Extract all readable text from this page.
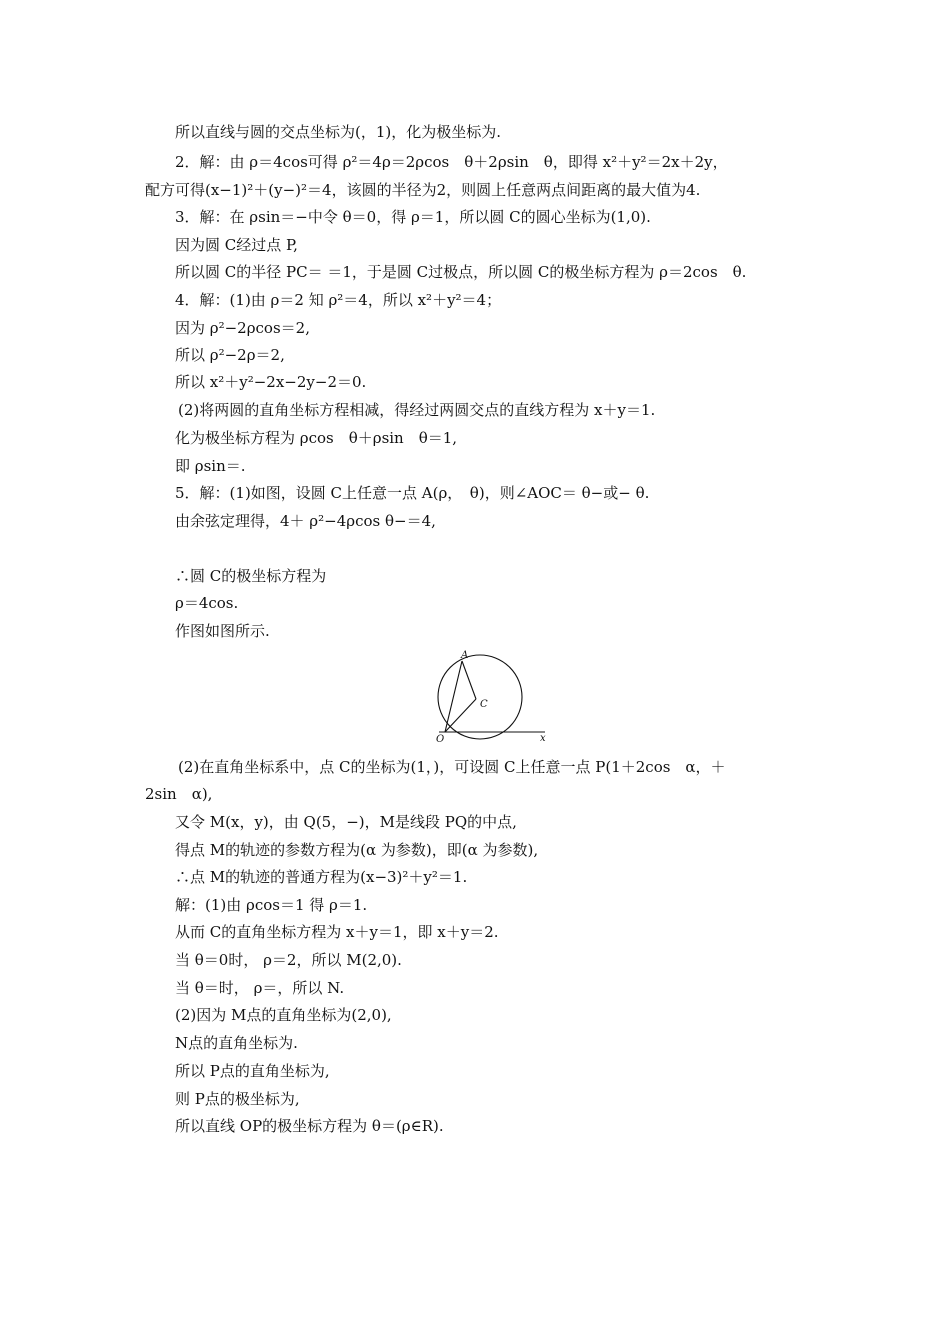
所以直线与圆的交点坐标为(，1)，化为极坐标为.
2．解：由 ρ＝4cos可得 ρ²＝4ρ＝2ρcos　θ＋2ρsin　θ，即得 x²＋y²＝2x＋2y，
配方可得(x−1)²＋(y−)²＝4，该圆的半径为2，则圆上任意两点间距离的最大值为4.
3．解：在 ρsin＝−中令 θ＝0，得 ρ＝1，所以圆 C的圆心坐标为(1,0).
因为圆 C经过点 P,
所以圆 C的半径 PC＝ ＝1，于是圆 C过极点，所以圆 C的极坐标方程为 ρ＝2cos　θ.
4．解：(1)由 ρ＝2 知 ρ²＝4，所以 x²＋y²＝4；
因为 ρ²−2ρcos＝2,
所以 ρ²−2ρ＝2,
所以 x²＋y²−2x−2y−2＝0.
(2)将两圆的直角坐标方程相减，得经过两圆交点的直线方程为 x＋y＝1.
化为极坐标方程为 ρcos　θ＋ρsin　θ＝1,
即 ρsin＝.
5．解：(1)如图，设圆 C上任意一点 A(ρ，　θ)，则∠AOC＝ θ−或− θ.
由余弦定理得，4＋ ρ²−4ρcos θ−＝4,
∴圆 C的极坐标方程为
ρ＝4cos.
作图如图所示.
A
C
O	x
(2)在直角坐标系中，点 C的坐标为(1，)，可设圆 C上任意一点 P(1＋2cos　α，＋
2sin　α),
又令 M(x，y)，由 Q(5，−)，M是线段 PQ的中点,
得点 M的轨迹的参数方程为(α 为参数)，即(α 为参数),
∴点 M的轨迹的普通方程为(x−3)²＋y²＝1.
解：(1)由 ρcos＝1 得 ρ＝1.
从而 C的直角坐标方程为 x＋y＝1，即 x＋y＝2.
当 θ＝0时， ρ＝2，所以 M(2,0).
当 θ＝时， ρ＝，所以 N.
(2)因为 M点的直角坐标为(2,0),
N点的直角坐标为.
所以 P点的直角坐标为,
则 P点的极坐标为,
所以直线 OP的极坐标方程为 θ＝(ρ∈R).
